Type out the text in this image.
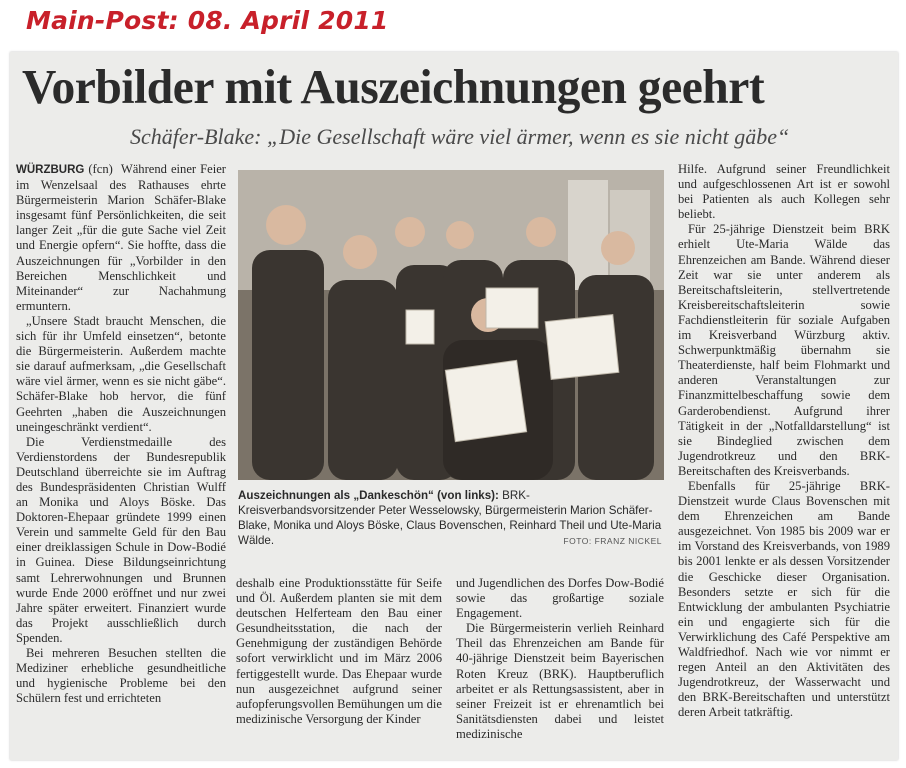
Main-Post: 08. April 2011
Vorbilder mit Auszeichnungen geehrt
Schäfer-Blake: „Die Gesellschaft wäre viel ärmer, wenn es sie nicht gäbe“

WÜRZBURG (fcn) Während einer Feier im Wenzelsaal des Rathauses ehrte Bürgermeisterin Marion Schäfer-Blake insgesamt fünf Persönlichkeiten, die seit langer Zeit „für die gute Sache viel Zeit und Energie opfern“. Sie hoffte, dass die Auszeichnungen für „Vorbilder in den Bereichen Menschlichkeit und Miteinander“ zur Nachahmung ermuntern.

„Unsere Stadt braucht Menschen, die sich für ihr Umfeld einsetzen“, betonte die Bürgermeisterin. Außerdem machte sie darauf aufmerksam, „die Gesellschaft wäre viel ärmer, wenn es sie nicht gäbe“. Schäfer-Blake hob hervor, die fünf Geehrten „haben die Auszeichnungen uneingeschränkt verdient“.

Die Verdienstmedaille des Verdienstordens der Bundesrepublik Deutschland überreichte sie im Auftrag des Bundespräsidenten Christian Wulff an Monika und Aloys Böske. Das Doktoren-Ehepaar gründete 1999 einen Verein und sammelte Geld für den Bau einer dreiklassigen Schule in Dow-Bodié in Guinea. Diese Bildungseinrichtung samt Lehrerwohnungen und Brunnen wurde Ende 2000 eröffnet und nur zwei Jahre später erweitert. Finanziert wurde das Projekt ausschließlich durch Spenden.

Bei mehreren Besuchen stellten die Mediziner erhebliche gesundheitliche und hygienische Probleme bei den Schülern fest und errichteten

Auszeichnungen als „Dankeschön“ (von links): BRK-Kreisverbandsvorsitzender Peter Wesselowsky, Bürgermeisterin Marion Schäfer-Blake, Monika und Aloys Böske, Claus Bovenschen, Reinhard Theil und Ute-Maria Wälde.	FOTO: FRANZ NICKEL

deshalb eine Produktionsstätte für Seife und Öl. Außerdem planten sie mit dem deutschen Helferteam den Bau einer Gesundheitsstation, die nach der Genehmigung der zuständigen Behörde sofort verwirklicht und im März 2006 fertiggestellt wurde. Das Ehepaar wurde nun ausgezeichnet aufgrund seiner aufopferungsvollen Bemühungen um die medizinische Versorgung der Kinder

und Jugendlichen des Dorfes Dow-Bodié sowie das großartige soziale Engagement.

Die Bürgermeisterin verlieh Reinhard Theil das Ehrenzeichen am Bande für 40-jährige Dienstzeit beim Bayerischen Roten Kreuz (BRK). Hauptberuflich arbeitet er als Rettungsassistent, aber in seiner Freizeit ist er ehrenamtlich bei Sanitätsdiensten dabei und leistet medizinische

Hilfe. Aufgrund seiner Freundlichkeit und aufgeschlossenen Art ist er sowohl bei Patienten als auch Kollegen sehr beliebt.

Für 25-jährige Dienstzeit beim BRK erhielt Ute-Maria Wälde das Ehrenzeichen am Bande. Während dieser Zeit war sie unter anderem als Bereitschaftsleiterin, stellvertretende Kreisbereitschaftsleiterin sowie Fachdienstleiterin für soziale Aufgaben im Kreisverband Würzburg aktiv. Schwerpunktmäßig übernahm sie Theaterdienste, half beim Flohmarkt und anderen Veranstaltungen zur Finanzmittelbeschaffung sowie dem Garderobendienst. Aufgrund ihrer Tätigkeit in der „Notfalldarstellung“ ist sie Bindeglied zwischen dem Jugendrotkreuz und den BRK-Bereitschaften des Kreisverbands.

Ebenfalls für 25-jährige BRK-Dienstzeit wurde Claus Bovenschen mit dem Ehrenzeichen am Bande ausgezeichnet. Von 1985 bis 2009 war er im Vorstand des Kreisverbands, von 1989 bis 2001 lenkte er als dessen Vorsitzender die Geschicke dieser Organisation. Besonders setzte er sich für die Entwicklung der ambulanten Psychiatrie ein und engagierte sich für die Verwirklichung des Café Perspektive am Waldfriedhof. Nach wie vor nimmt er regen Anteil an den Aktivitäten des Jugendrotkreuz, der Wasserwacht und den BRK-Bereitschaften und unterstützt deren Arbeit tatkräftig.
